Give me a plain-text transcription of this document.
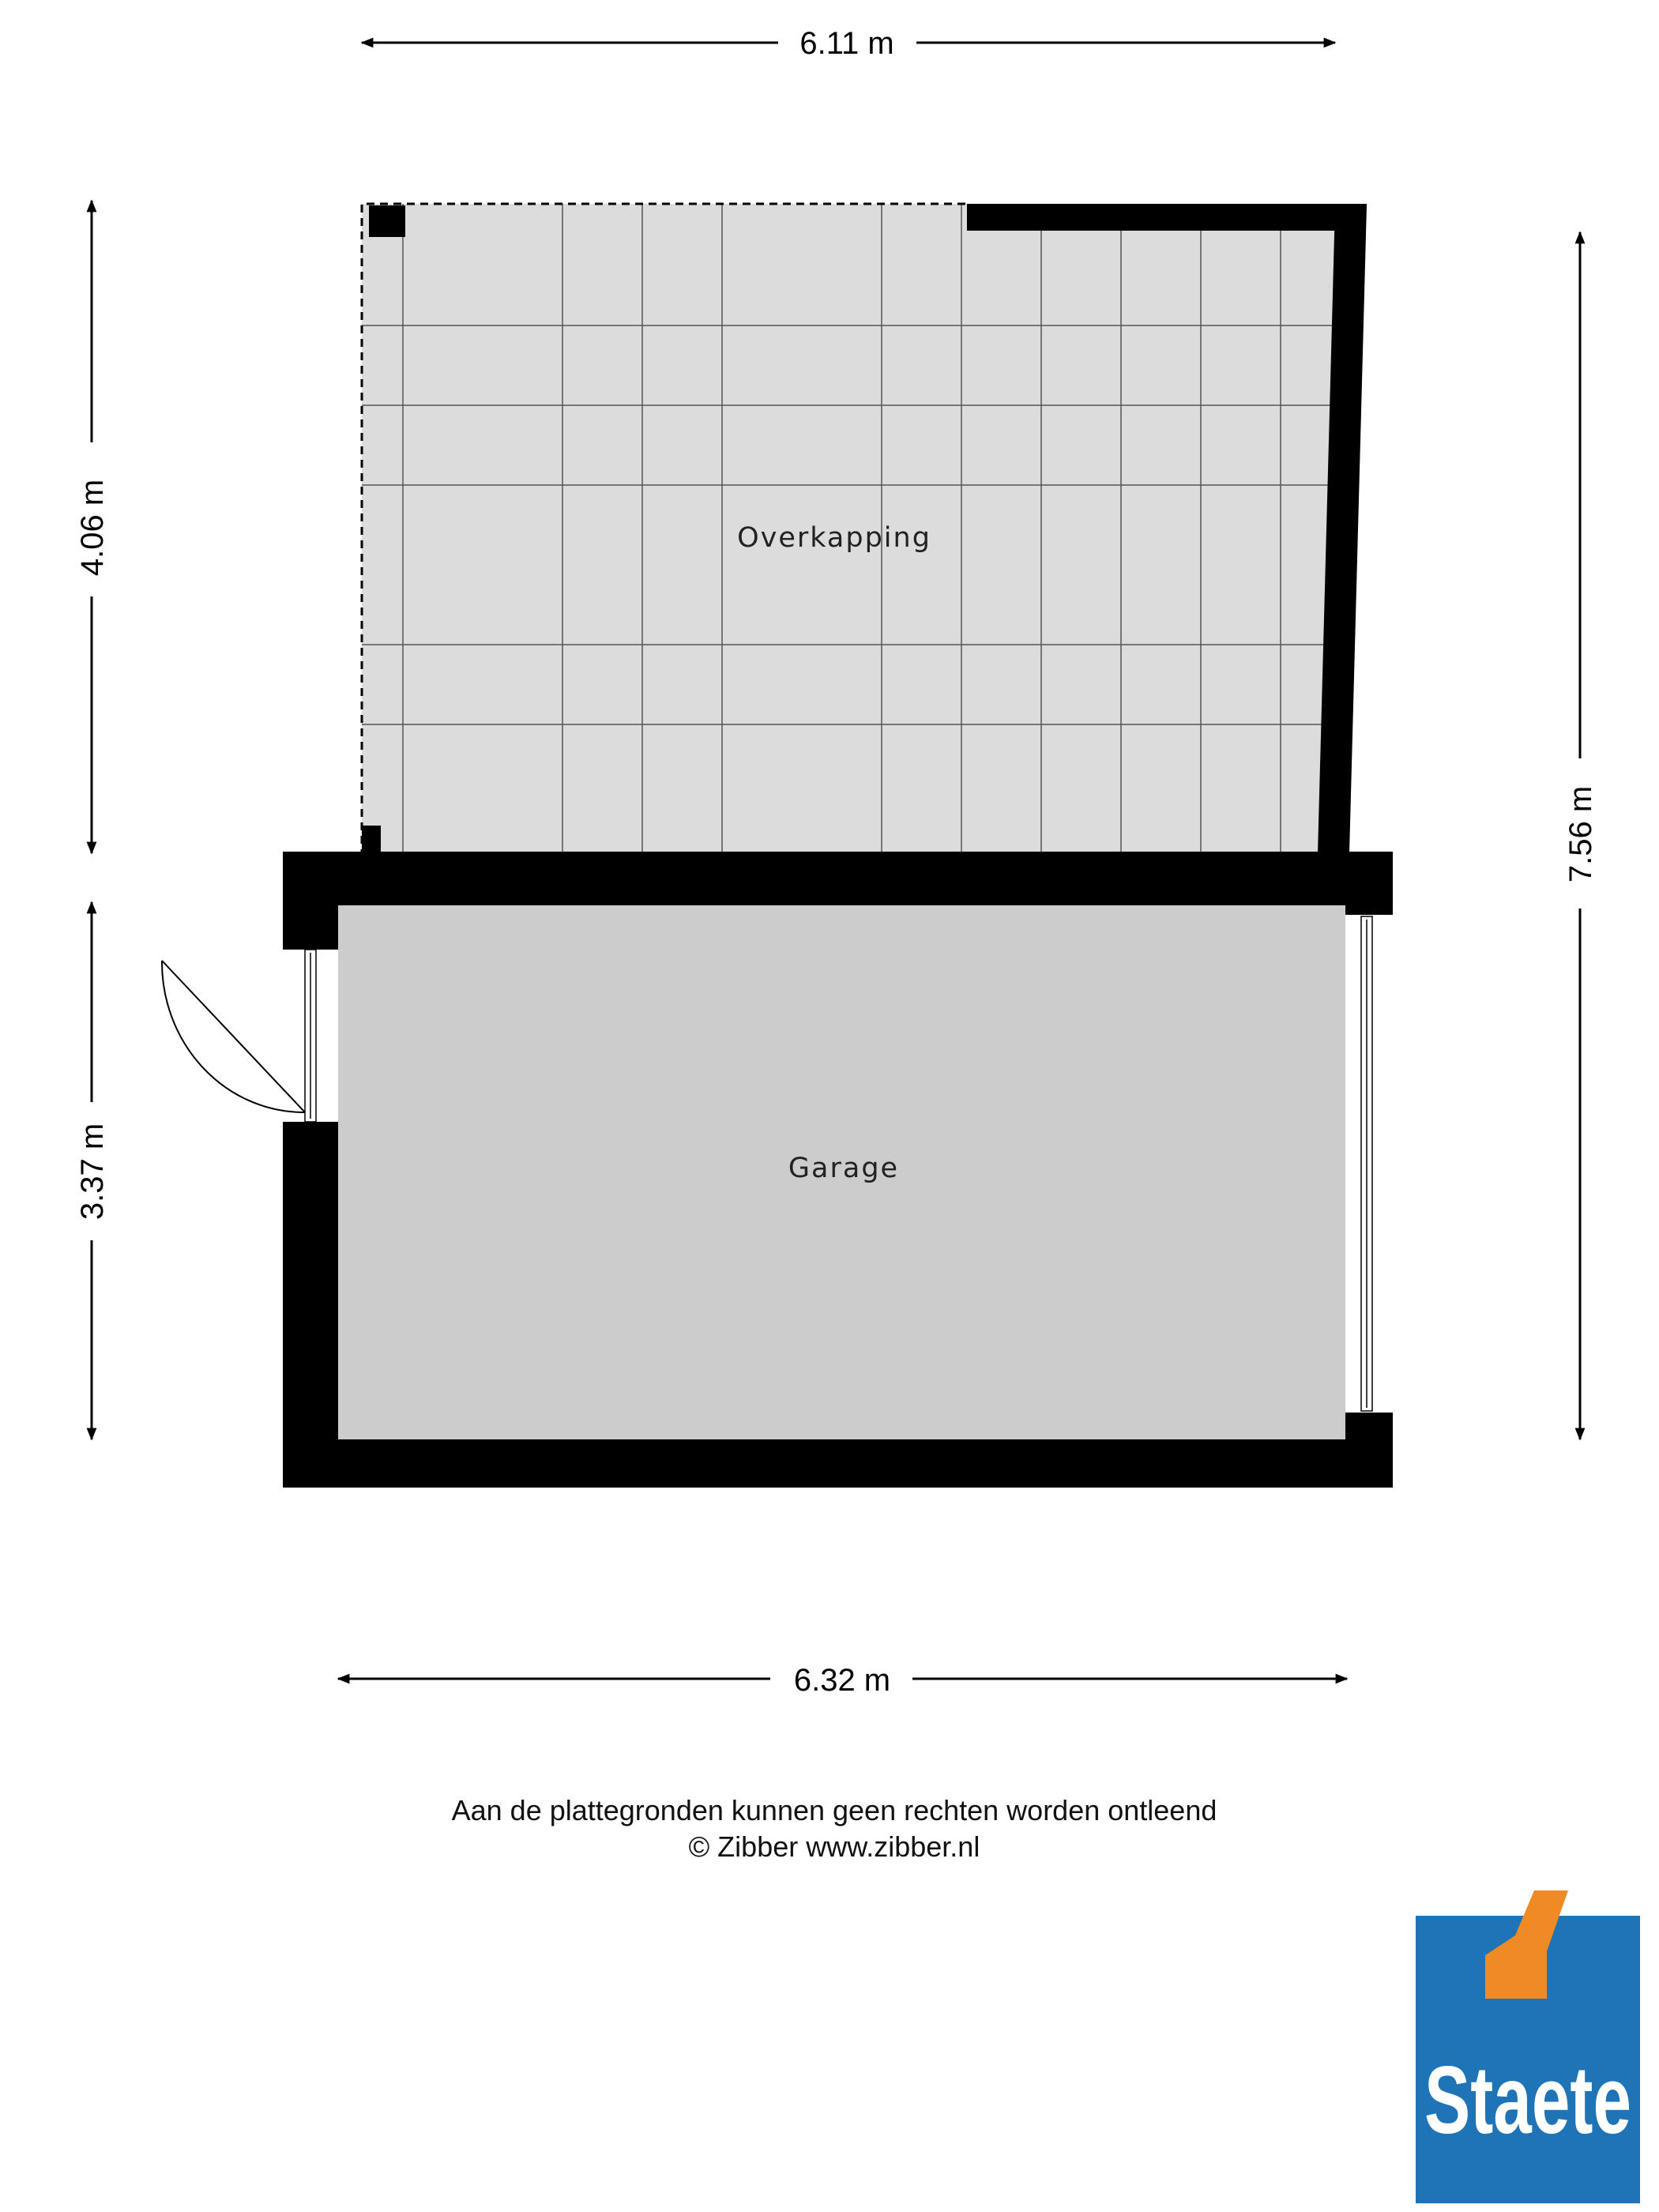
6.11 m
4.06 m
3.37 m
7.56 m
Overkapping
Garage
6.32 m
Aan de plattegronden kunnen geen rechten worden ontleend
© Zibber www.zibber.nl
Staete
